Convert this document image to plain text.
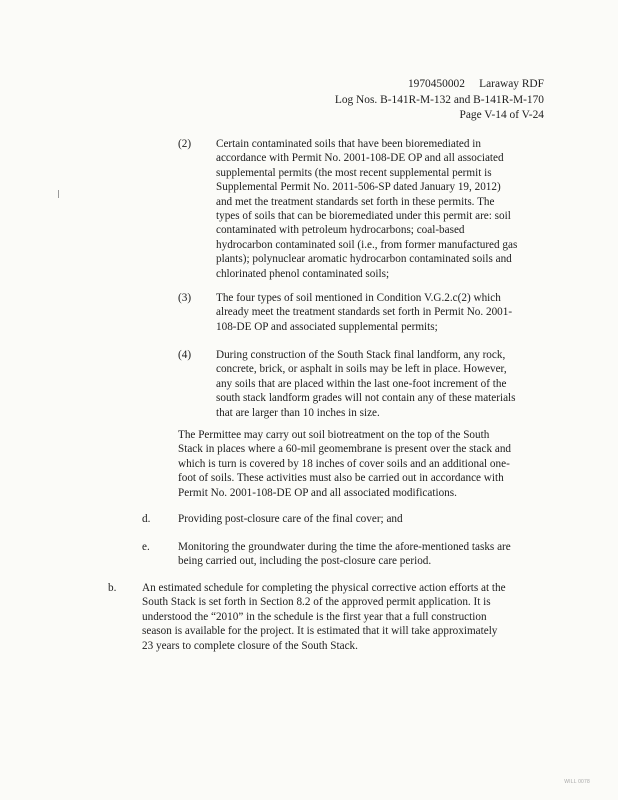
1970450002     Laraway RDF
Log Nos. B-141R-M-132 and B-141R-M-170
Page V-14 of V-24
(2) Certain contaminated soils that have been bioremediated in
accordance with Permit No. 2001-108-DE OP and all associated
supplemental permits (the most recent supplemental permit is
Supplemental Permit No. 2011-506-SP dated January 19, 2012)
and met the treatment standards set forth in these permits. The
types of soils that can be bioremediated under this permit are: soil
contaminated with petroleum hydrocarbons; coal-based
hydrocarbon contaminated soil (i.e., from former manufactured gas
plants); polynuclear aromatic hydrocarbon contaminated soils and
chlorinated phenol contaminated soils;
(3) The four types of soil mentioned in Condition V.G.2.c(2) which
already meet the treatment standards set forth in Permit No. 2001-
108-DE OP and associated supplemental permits;
(4) During construction of the South Stack final landform, any rock,
concrete, brick, or asphalt in soils may be left in place. However,
any soils that are placed within the last one-foot increment of the
south stack landform grades will not contain any of these materials
that are larger than 10 inches in size.
The Permittee may carry out soil biotreatment on the top of the South
Stack in places where a 60-mil geomembrane is present over the stack and
which is turn is covered by 18 inches of cover soils and an additional one-
foot of soils. These activities must also be carried out in accordance with
Permit No. 2001-108-DE OP and all associated modifications.
d. Providing post-closure care of the final cover; and
e.	Monitoring the groundwater during the time the afore-mentioned tasks are
being carried out, including the post-closure care period.
b. An estimated schedule for completing the physical corrective action efforts at the
South Stack is set forth in Section 8.2 of the approved permit application. It is
understood the “2010” in the schedule is the first year that a full construction
season is available for the project. It is estimated that it will take approximately
23 years to complete closure of the South Stack.
WILL 0078
